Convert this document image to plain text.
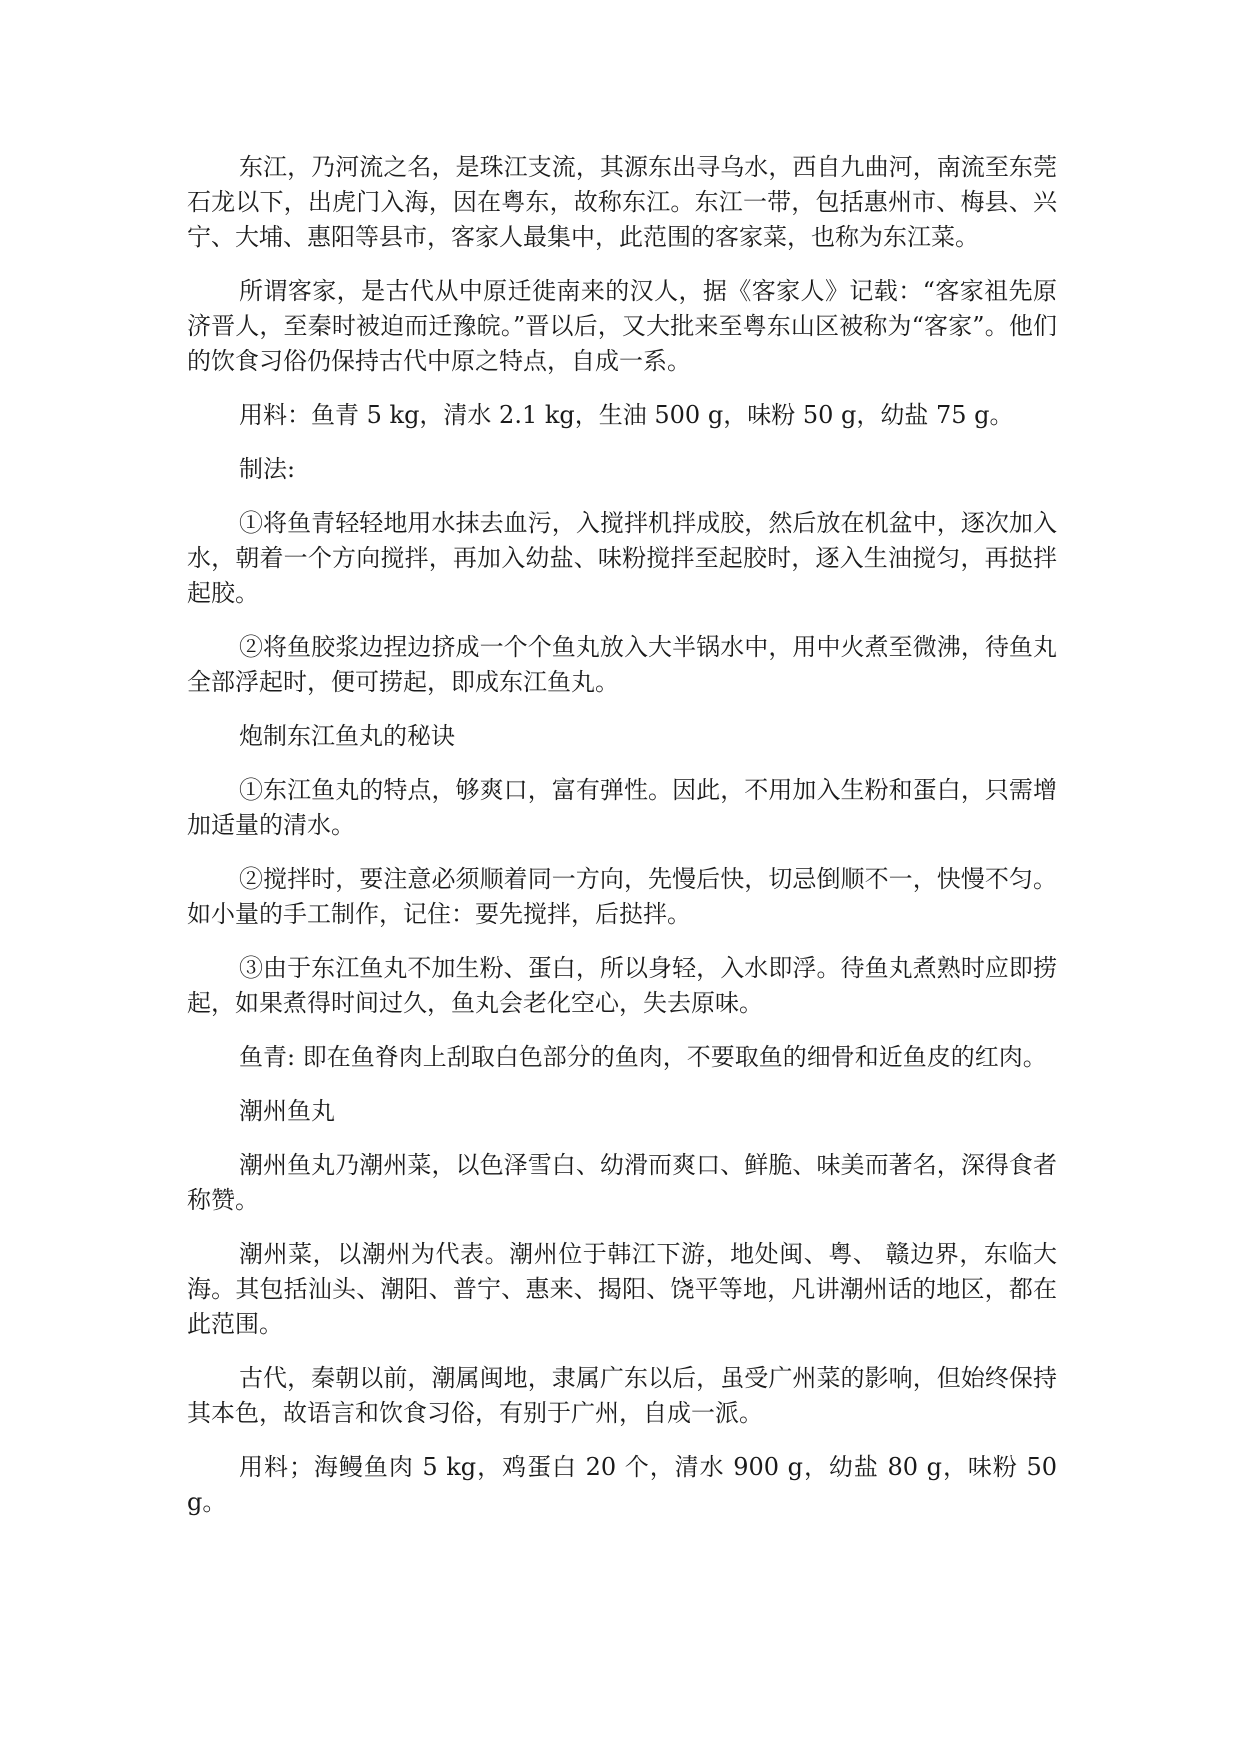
东江，乃河流之名，是珠江支流，其源东出寻乌水，西自九曲河，南流至东莞石龙以下，出虎门入海，因在粤东，故称东江。东江一带，包括惠州市、梅县、兴宁、大埔、惠阳等县市，客家人最集中，此范围的客家菜，也称为东江菜。

所谓客家，是古代从中原迁徙南来的汉人，据《客家人》记载：“客家祖先原济晋人，至秦时被迫而迁豫皖。”晋以后，又大批来至粤东山区被称为“客家”。他们的饮食习俗仍保持古代中原之特点，自成一系。

用料：鱼青 5 kg，清水 2.1 kg，生油 500 g，味粉 50 g，幼盐 75 g。

制法:

①将鱼青轻轻地用水抹去血污，入搅拌机拌成胶，然后放在机盆中，逐次加入水，朝着一个方向搅拌，再加入幼盐、味粉搅拌至起胶时，逐入生油搅匀，再挞拌起胶。

②将鱼胶浆边捏边挤成一个个鱼丸放入大半锅水中，用中火煮至微沸，待鱼丸全部浮起时，便可捞起，即成东江鱼丸。

炮制东江鱼丸的秘诀

①东江鱼丸的特点，够爽口，富有弹性。因此，不用加入生粉和蛋白，只需增加适量的清水。

②搅拌时，要注意必须顺着同一方向，先慢后快，切忌倒顺不一，快慢不匀。如小量的手工制作，记住：要先搅拌，后挞拌。

③由于东江鱼丸不加生粉、蛋白，所以身轻，入水即浮。待鱼丸煮熟时应即捞起，如果煮得时间过久，鱼丸会老化空心，失去原味。

鱼青: 即在鱼脊肉上刮取白色部分的鱼肉，不要取鱼的细骨和近鱼皮的红肉。

潮州鱼丸

潮州鱼丸乃潮州菜，以色泽雪白、幼滑而爽口、鲜脆、味美而著名，深得食者称赞。

潮州菜，以潮州为代表。潮州位于韩江下游，地处闽、粤、 赣边界，东临大海。其包括汕头、潮阳、普宁、惠来、揭阳、饶平等地，凡讲潮州话的地区，都在此范围。

古代，秦朝以前，潮属闽地，隶属广东以后，虽受广州菜的影响，但始终保持其本色，故语言和饮食习俗，有别于广州，自成一派。

用料；海鳗鱼肉 5 kg，鸡蛋白 20 个，清水 900 g，幼盐 80 g，味粉 50 g。
